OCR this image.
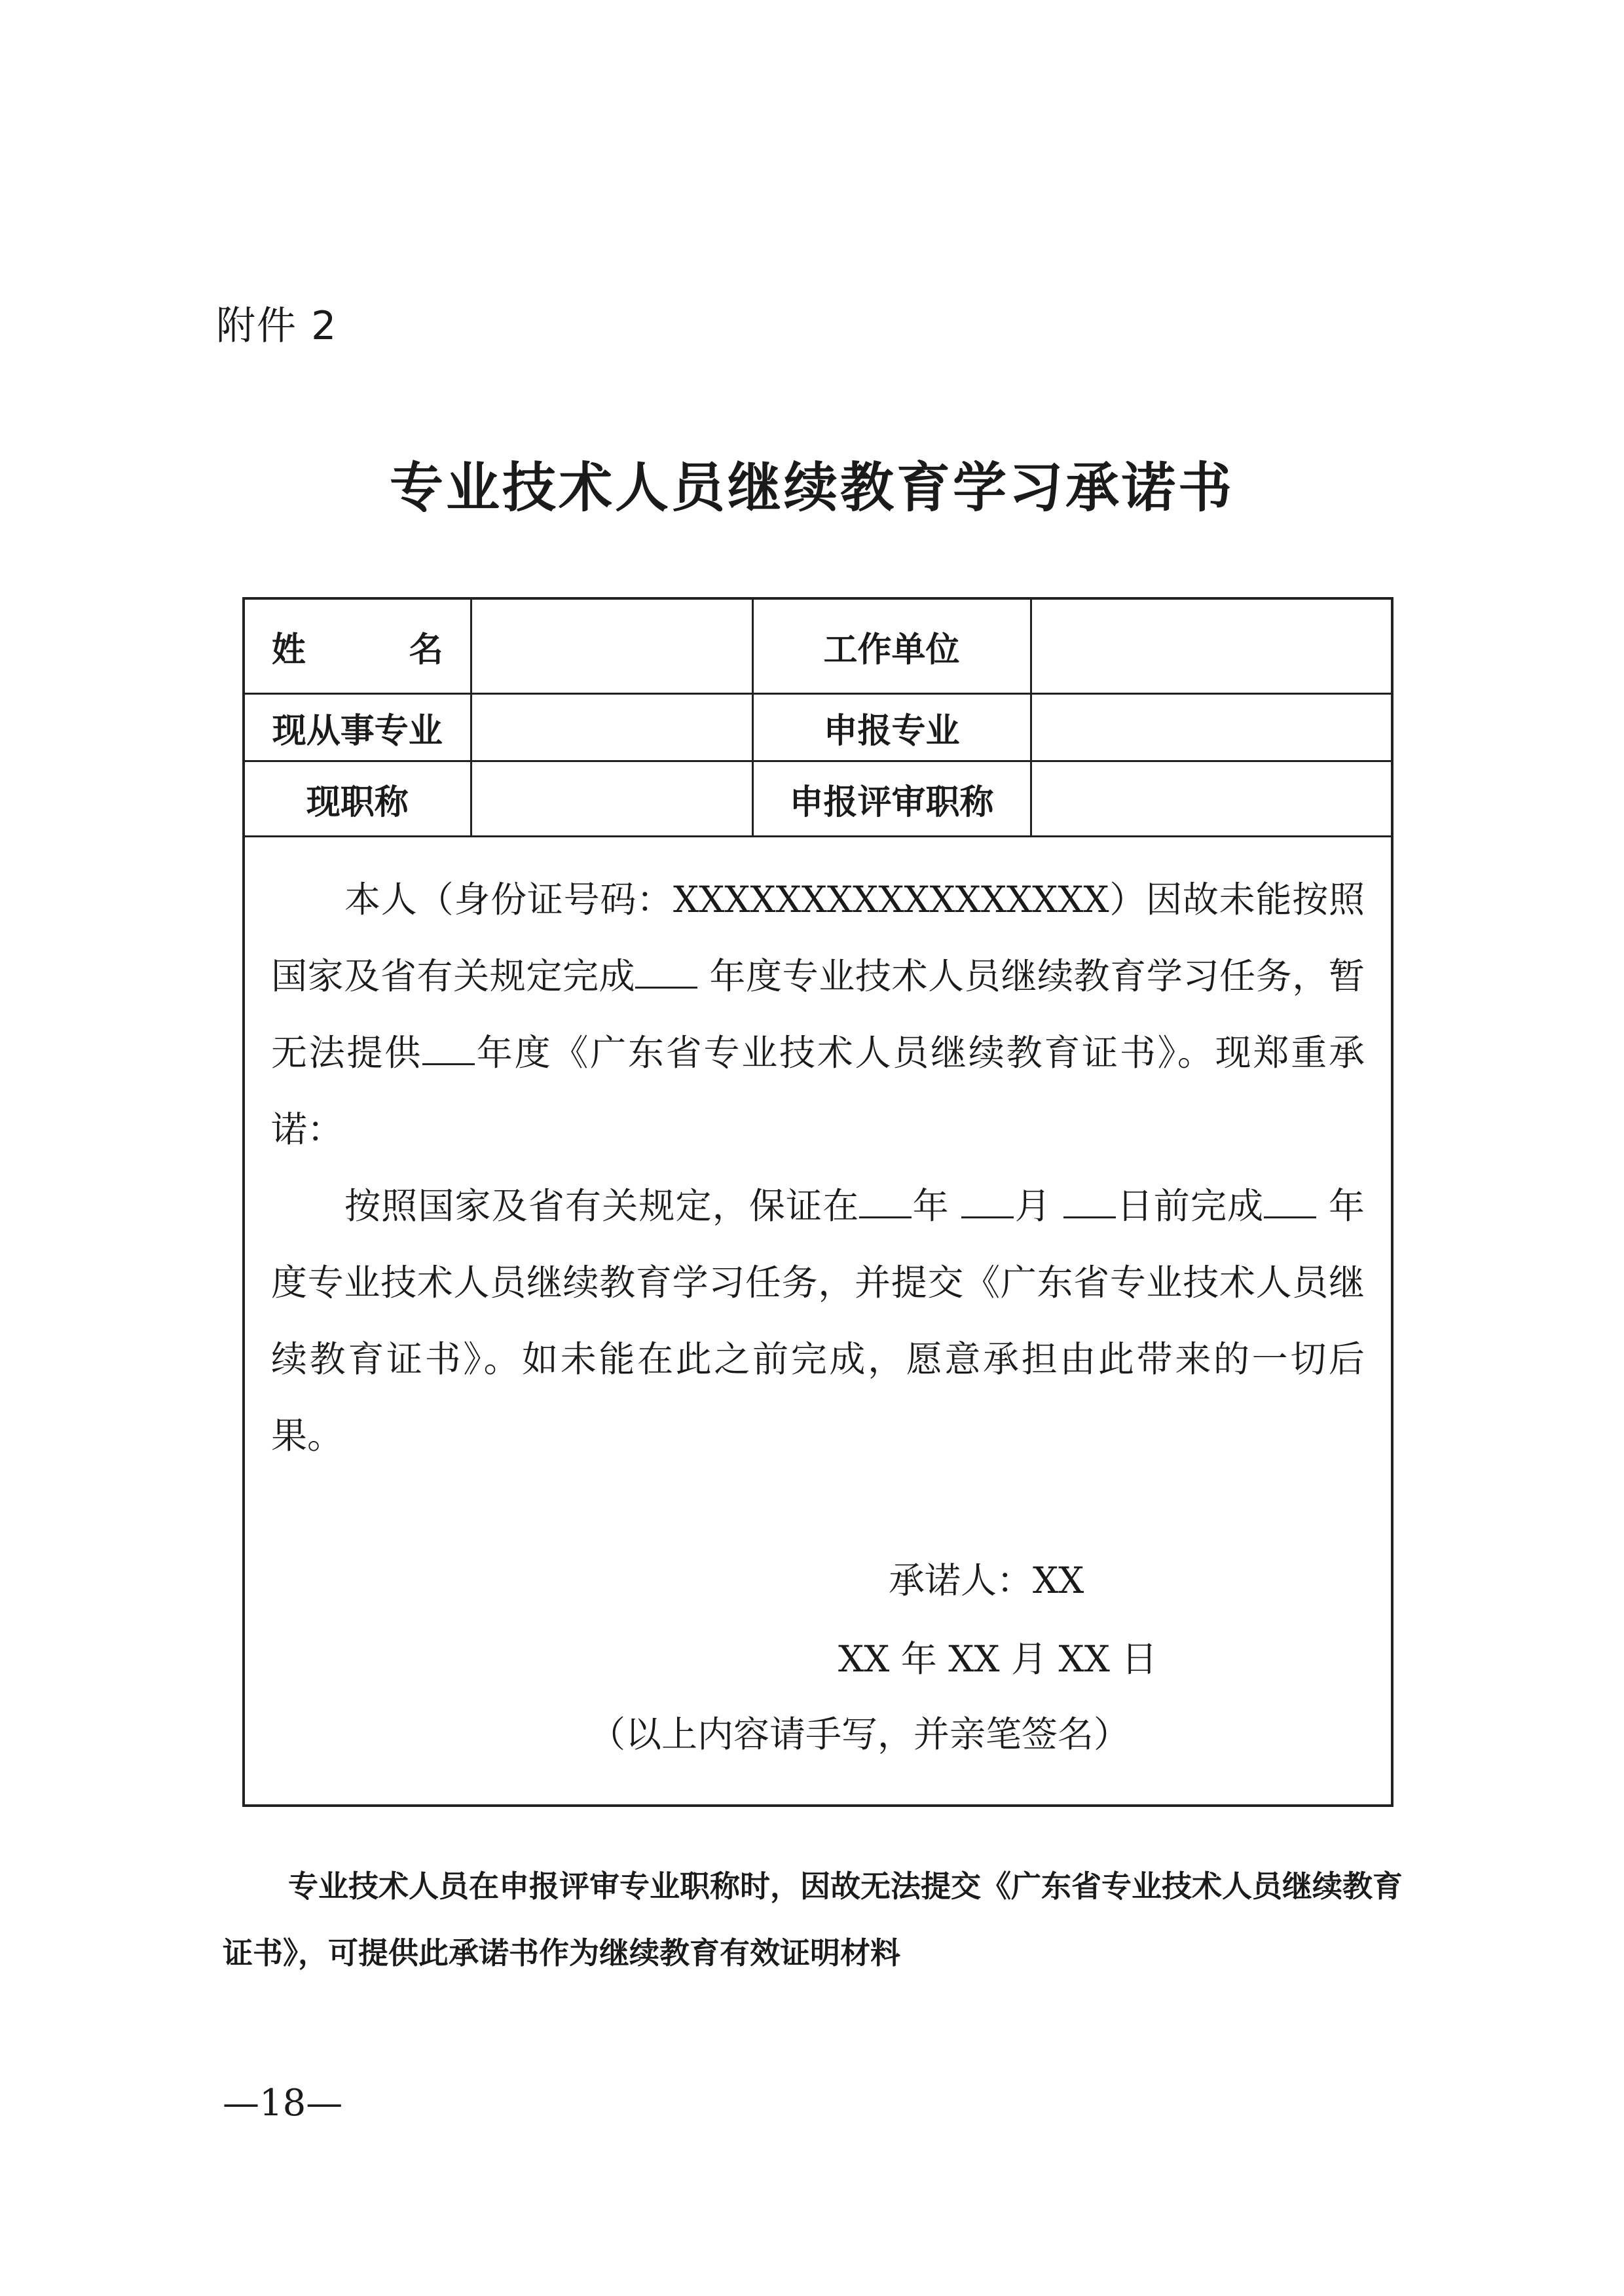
附件 2
专业技术人员继续教育学习承诺书
姓 名		工作单位	
现从事专业		申报专业	
现职称		申报评审职称	

本人（身份证号码：XXXXXXXXXXXXXXXXX）因故未能按照国家及省有关规定完成 年度专业技术人员继续教育学习任务，暂无法提供 年度《广东省专业技术人员继续教育证书》。现郑重承诺：

按照国家及省有关规定，保证在 年 月 日前完成 年度专业技术人员继续教育学习任务，并提交《广东省专业技术人员继续教育证书》。如未能在此之前完成，愿意承担由此带来的一切后果。

承诺人：XX
XX 年 XX 月 XX 日
（以上内容请手写，并亲笔签名）
专业技术人员在申报评审专业职称时，因故无法提交《广东省专业技术人员继续教育证书》，可提供此承诺书作为继续教育有效证明材料
—18—
